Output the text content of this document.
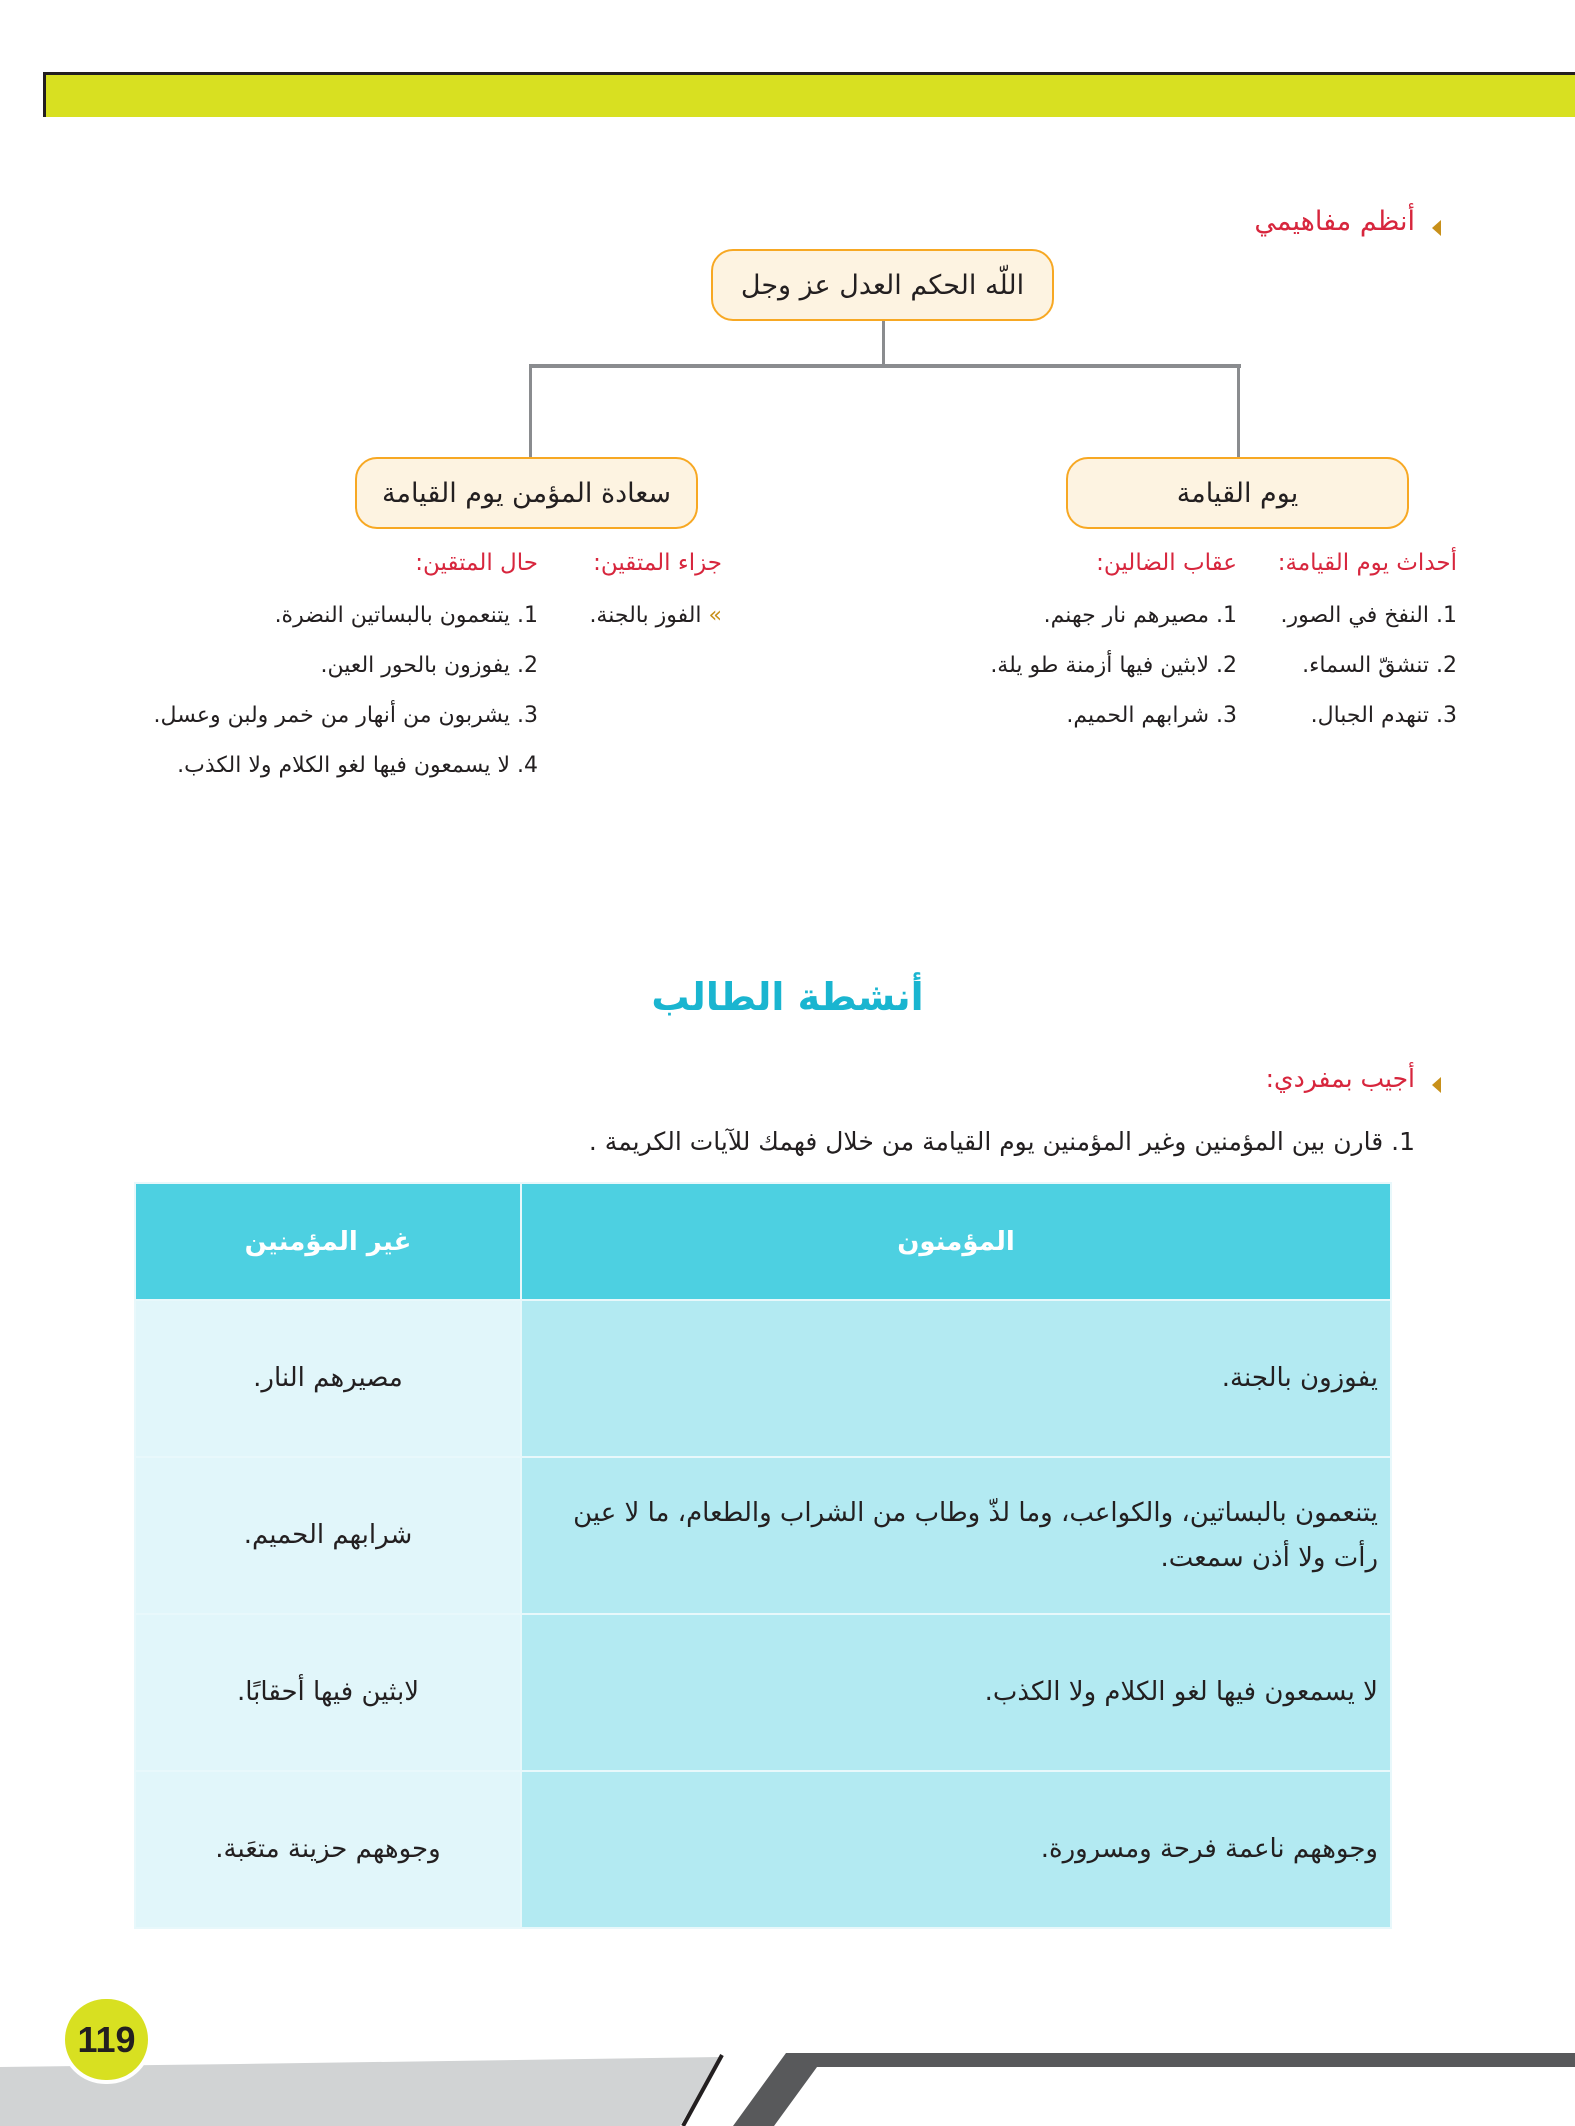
أنظم مفاهيمي
اللّه الحكم العدل عز وجل
سعادة المؤمن يوم القيامة	يوم القيامة
أحداث يوم القيامة:
1. النفخ في الصور.
2. تنشقّ السماء.
3. تنهدم الجبال.
عقاب الضالين:
1. مصيرهم نار جهنم.
2. لابثين فيها أزمنة طو يلة.
3. شرابهم الحميم.
جزاء المتقين:
» الفوز بالجنة.
حال المتقين:
1. يتنعمون بالبساتين النضرة.
2. يفوزون بالحور العين.
3. يشربون من أنهار من خمر ولبن وعسل.
4. لا يسمعون فيها لغو الكلام ولا الكذب.
أنشطة الطالب
أجيب بمفردي:
1. قارن بين المؤمنين وغير المؤمنين يوم القيامة من خلال فهمك للآيات الكريمة .
غير المؤمنين	المؤمنون
مصيرهم النار.	يفوزون بالجنة.
شرابهم الحميم.	يتنعمون بالبساتين، والكواعب، وما لذّ وطاب من الشراب والطعام، ما لا عين رأت ولا أذن سمعت.
لابثين فيها أحقابًا.	لا يسمعون فيها لغو الكلام ولا الكذب.
وجوههم حزينة متعَبة.	وجوههم ناعمة فرحة ومسرورة.
119
